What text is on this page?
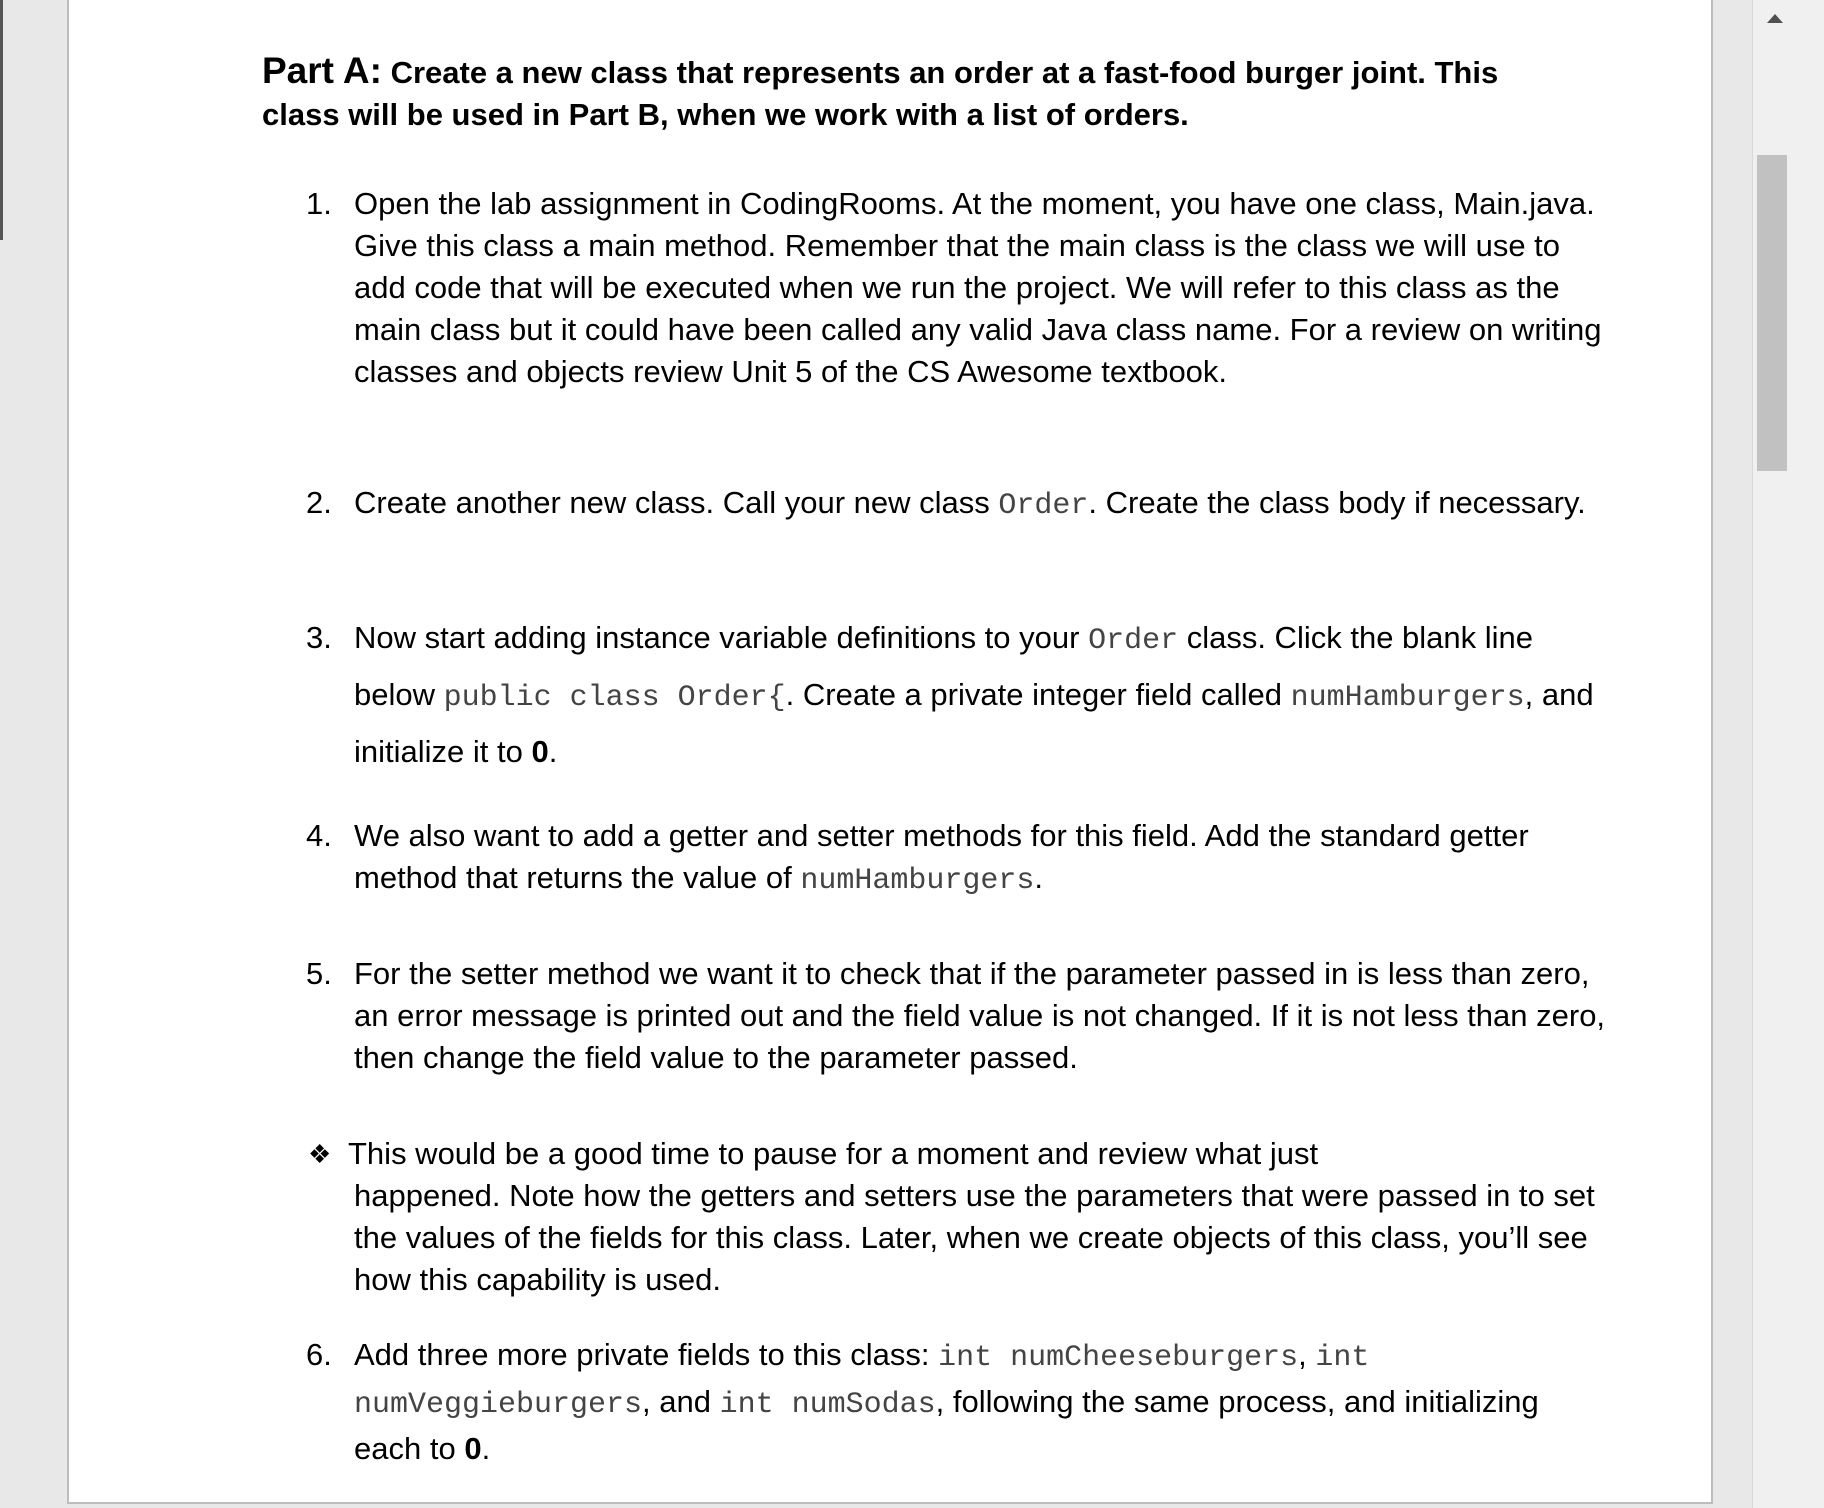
Part A: Create a new class that represents an order at a fast-food burger joint. This class will be used in Part B, when we work with a list of orders.

1. Open the lab assignment in CodingRooms. At the moment, you have one class, Main.java. Give this class a main method. Remember that the main class is the class we will use to add code that will be executed when we run the project. We will refer to this class as the main class but it could have been called any valid Java class name. For a review on writing classes and objects review Unit 5 of the CS Awesome textbook.
2. Create another new class. Call your new class Order. Create the class body if necessary.
3. Now start adding instance variable definitions to your Order class. Click the blank line below public class Order{. Create a private integer field called numHamburgers, and initialize it to 0.
4. We also want to add a getter and setter methods for this field. Add the standard getter method that returns the value of numHamburgers.
5. For the setter method we want it to check that if the parameter passed in is less than zero, an error message is printed out and the field value is not changed. If it is not less than zero, then change the field value to the parameter passed.
❖ This would be a good time to pause for a moment and review what just
happened. Note how the getters and setters use the parameters that were passed in to set the values of the fields for this class. Later, when we create objects of this class, you’ll see how this capability is used.
6. Add three more private fields to this class: int numCheeseburgers, int numVeggieburgers, and int numSodas, following the same process, and initializing each to 0.
